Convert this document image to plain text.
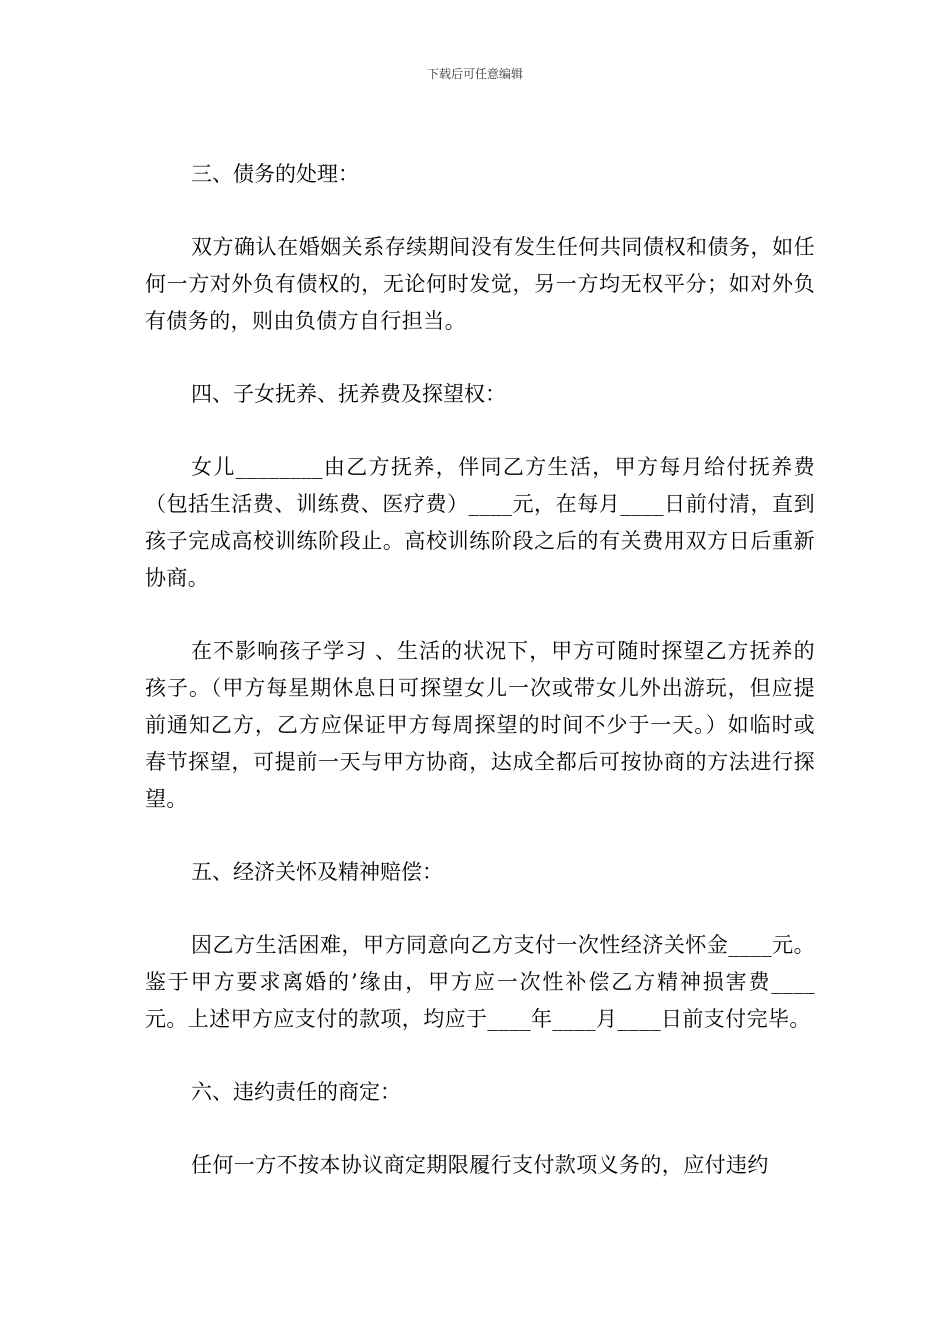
下载后可任意编辑
三、债务的处理：
双方确认在婚姻关系存续期间没有发生任何共同债权和债务，如任何一方对外负有债权的，无论何时发觉，另一方均无权平分；如对外负有债务的，则由负债方自行担当。
四、子女抚养、抚养费及探望权：
女儿________由乙方抚养，伴同乙方生活，甲方每月给付抚养费（包括生活费、训练费、医疗费）____元，在每月____日前付清，直到孩子完成高校训练阶段止。高校训练阶段之后的有关费用双方日后重新协商。
在不影响孩子学习 、生活的状况下，甲方可随时探望乙方抚养的孩子。（甲方每星期休息日可探望女儿一次或带女儿外出游玩，但应提前通知乙方，乙方应保证甲方每周探望的时间不少于一天。）如临时或春节探望，可提前一天与甲方协商，达成全都后可按协商的方法进行探望。
五、经济关怀及精神赔偿：
因乙方生活困难，甲方同意向乙方支付一次性经济关怀金____元。鉴于甲方要求离婚的’缘由，甲方应一次性补偿乙方精神损害费____元。上述甲方应支付的款项，均应于____年____月____日前支付完毕。
六、违约责任的商定：
任何一方不按本协议商定期限履行支付款项义务的，应付违约
